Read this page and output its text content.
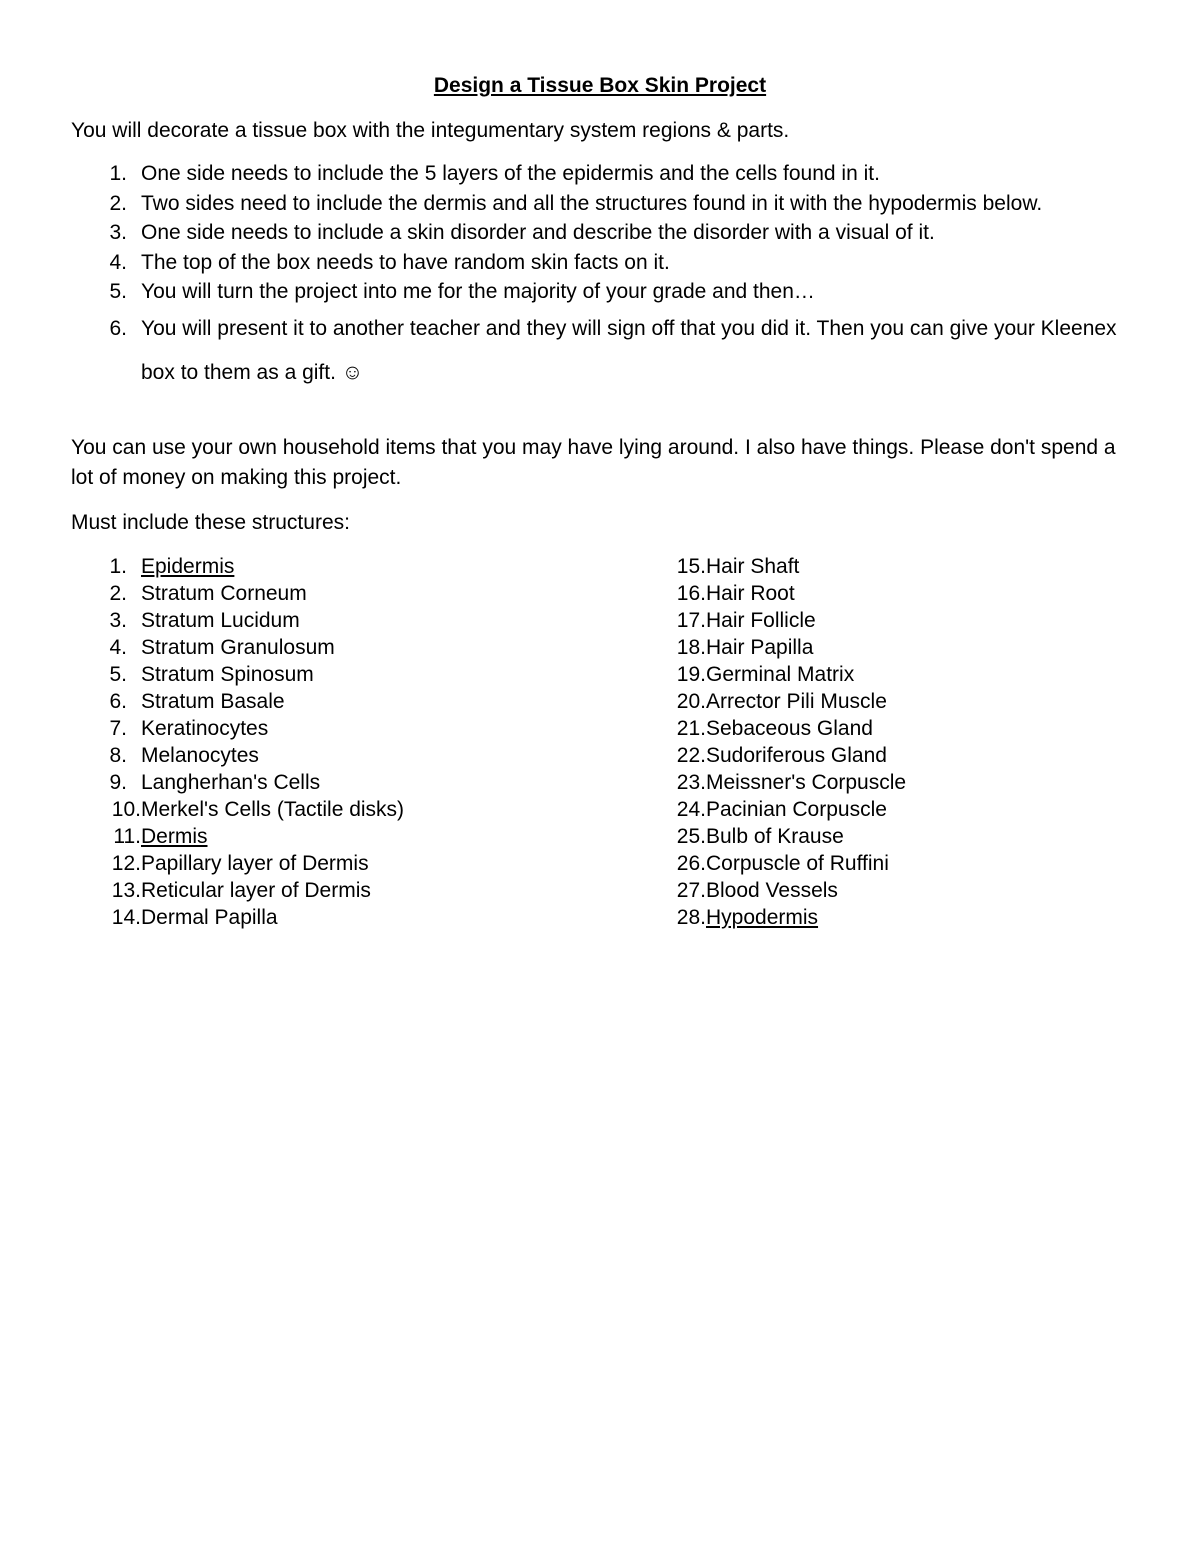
Design a Tissue Box Skin Project
You will decorate a tissue box with the integumentary system regions & parts.
1. One side needs to include the 5 layers of the epidermis and the cells found in it.
2. Two sides need to include the dermis and all the structures found in it with the hypodermis below.
3. One side needs to include a skin disorder and describe the disorder with a visual of it.
4. The top of the box needs to have random skin facts on it.
5. You will turn the project into me for the majority of your grade and then…
6. You will present it to another teacher and they will sign off that you did it. Then you can give your Kleenex box to them as a gift. ☺
You can use your own household items that you may have lying around. I also have things. Please don't spend a lot of money on making this project.
Must include these structures:
1. Epidermis
2. Stratum Corneum
3. Stratum Lucidum
4. Stratum Granulosum
5. Stratum Spinosum
6. Stratum Basale
7. Keratinocytes
8. Melanocytes
9. Langherhan's Cells
10. Merkel's Cells (Tactile disks)
11. Dermis
12. Papillary layer of Dermis
13. Reticular layer of Dermis
14. Dermal Papilla
15. Hair Shaft
16. Hair Root
17. Hair Follicle
18. Hair Papilla
19. Germinal Matrix
20. Arrector Pili Muscle
21. Sebaceous Gland
22. Sudoriferous Gland
23. Meissner's Corpuscle
24. Pacinian Corpuscle
25. Bulb of Krause
26. Corpuscle of Ruffini
27. Blood Vessels
28. Hypodermis
